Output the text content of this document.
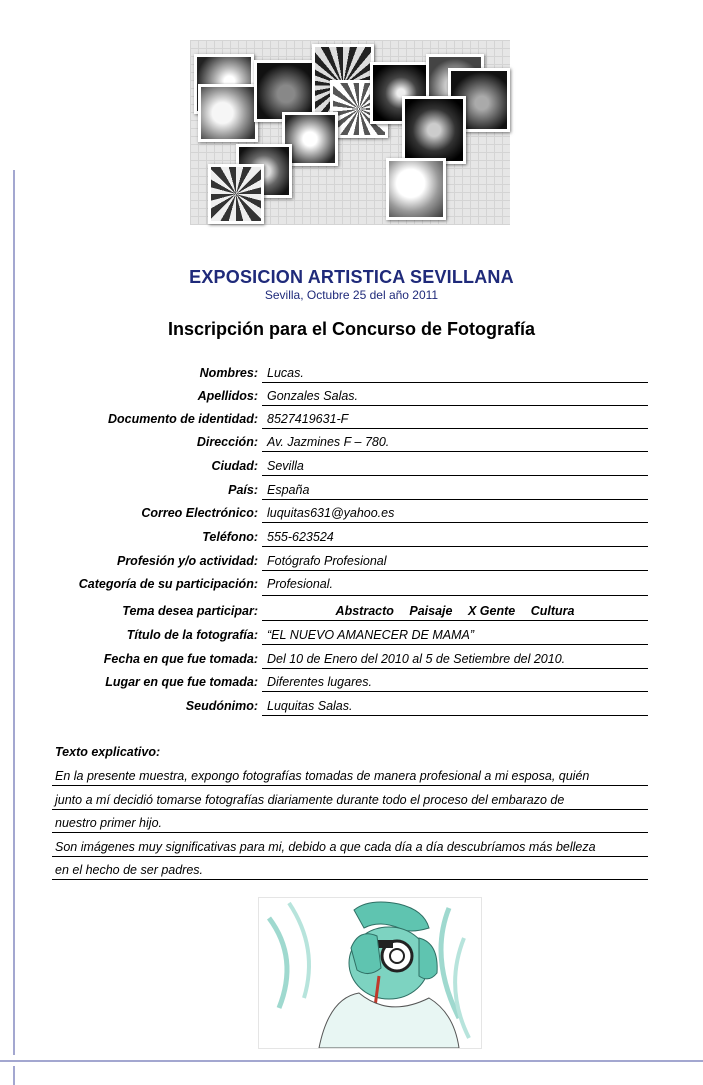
EXPOSICION ARTISTICA SEVILLANA
Sevilla, Octubre 25 del año 2011
Inscripción para el Concurso de Fotografía
Nombres: Lucas.
Apellidos: Gonzales Salas.
Documento de identidad: 8527419631-F
Dirección: Av. Jazmines F – 780.
Ciudad: Sevilla
País: España
Correo Electrónico: luquitas631@yahoo.es
Teléfono: 555-623524
Profesión y/o actividad: Fotógrafo Profesional
Categoría de su participación: Profesional.
Tema desea participar:	Abstracto Paisaje X Gente Cultura
Título de la fotografía: “EL NUEVO AMANECER DE MAMA”
Fecha en que fue tomada: Del 10 de Enero del 2010 al 5 de Setiembre del 2010.
Lugar en que fue tomada: Diferentes lugares.
Seudónimo: Luquitas Salas.
Texto explicativo:
En la presente muestra, expongo fotografías tomadas de manera profesional a mi esposa, quién
junto a mí decidió tomarse fotografías diariamente durante todo el proceso del embarazo de
nuestro primer hijo.
Son imágenes muy significativas para mi, debido a que cada día a día descubríamos más belleza
en el hecho de ser padres.
